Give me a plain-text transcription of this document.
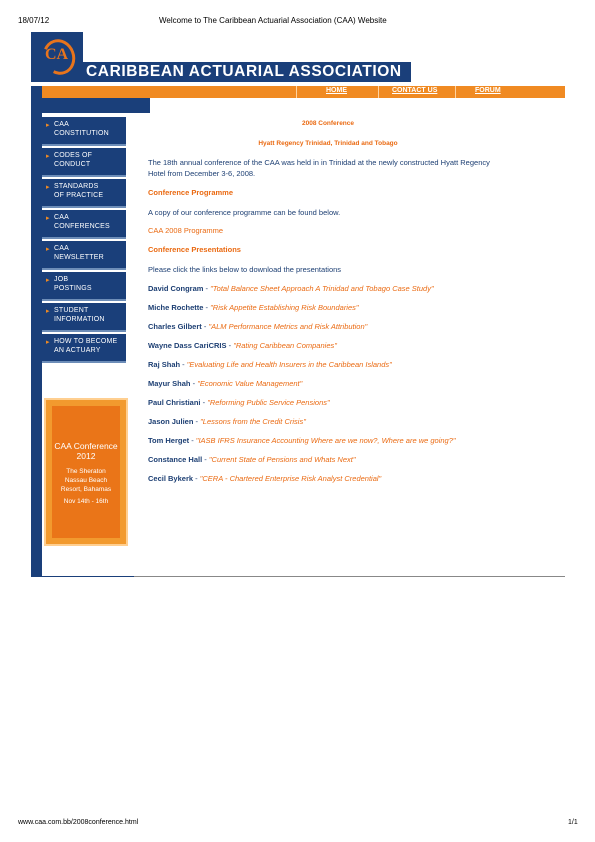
18/07/12	Welcome to The Caribbean Actuarial Association (CAA) Website
CA
CARIBBEAN ACTUARIAL ASSOCIATION
HOME	CONTACT US	FORUM
▸ CAA
CONSTITUTION
▸ CODES OF
CONDUCT
▸ STANDARDS
OF PRACTICE
▸ CAA
CONFERENCES
▸ CAA
NEWSLETTER
▸ JOB
POSTINGS
▸ STUDENT
INFORMATION
▸ HOW TO BECOME
AN ACTUARY
CAA Conference
2012
The Sheraton
Nassau Beach
Resort, Bahamas
Nov 14th - 16th
2008 Conference
Hyatt Regency Trinidad, Trinidad and Tobago
The 18th annual conference of the CAA was held in in Trinidad at the newly constructed Hyatt Regency
Hotel from December 3-6, 2008.
Conference Programme
A copy of our conference programme can be found below.
CAA 2008 Programme
Conference Presentations
Please click the links below to download the presentations
David Congram - "Total Balance Sheet Approach A Trinidad and Tobago Case Study"
Miche Rochette - "Risk Appetite Establishing Risk Boundaries"
Charles Gilbert - "ALM Performance Metrics and Risk Attribution"
Wayne Dass CariCRIS - "Rating Caribbean Companies"
Raj Shah - "Evaluating Life and Health Insurers in the Caribbean Islands"
Mayur Shah - "Economic Value Management"
Paul Christiani - "Reforming Public Service Pensions"
Jason Julien - "Lessons from the Credit Crisis"
Tom Herget - "IASB IFRS Insurance Accounting Where are we now?, Where are we going?"
Constance Hall - "Current State of Pensions and Whats Next"
Cecil Bykerk - "CERA - Chartered Enterprise Risk Analyst Credential"
www.caa.com.bb/2008conference.html	1/1
